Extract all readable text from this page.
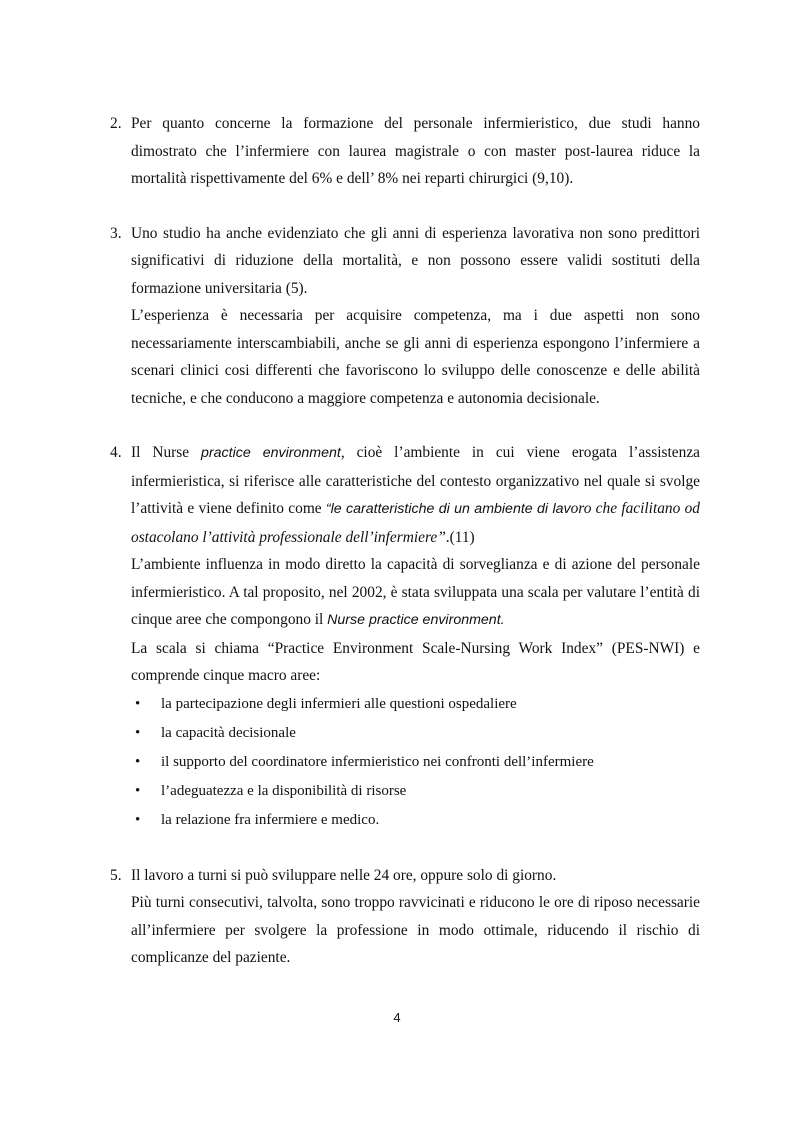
2. Per quanto concerne la formazione del personale infermieristico, due studi hanno dimostrato che l’infermiere con laurea magistrale o con master post-laurea riduce la mortalità rispettivamente del 6% e dell’ 8% nei reparti chirurgici (9,10).

3. Uno studio ha anche evidenziato che gli anni di esperienza lavorativa non sono predittori significativi di riduzione della mortalità, e non possono essere validi sostituti della formazione universitaria (5).

L’esperienza è necessaria per acquisire competenza, ma i due aspetti non sono necessariamente interscambiabili, anche se gli anni di esperienza espongono l’infermiere a scenari clinici cosi differenti che favoriscono lo sviluppo delle conoscenze e delle abilità tecniche, e che conducono a maggiore competenza e autonomia decisionale.

4. Il Nurse practice environment, cioè l’ambiente in cui viene erogata l’assistenza infermieristica, si riferisce alle caratteristiche del contesto organizzativo nel quale si svolge l’attività e viene definito come “le caratteristiche di un ambiente di lavoro che facilitano od ostacolano l’attività professionale dell’infermiere”.(11)

L’ambiente influenza in modo diretto la capacità di sorveglianza e di azione del personale infermieristico. A tal proposito, nel 2002, è stata sviluppata una scala per valutare l’entità di cinque aree che compongono il Nurse practice environment.

La scala si chiama “Practice Environment Scale-Nursing Work Index” (PES-NWI) e comprende cinque macro aree:

• la partecipazione degli infermieri alle questioni ospedaliere
• la capacità decisionale
• il supporto del coordinatore infermieristico nei confronti dell’infermiere
• l’adeguatezza e la disponibilità di risorse
• la relazione fra infermiere e medico.
5. Il lavoro a turni si può sviluppare nelle 24 ore, oppure solo di giorno.

Più turni consecutivi, talvolta, sono troppo ravvicinati e riducono le ore di riposo necessarie all’infermiere per svolgere la professione in modo ottimale, riducendo il rischio di complicanze del paziente.

4
